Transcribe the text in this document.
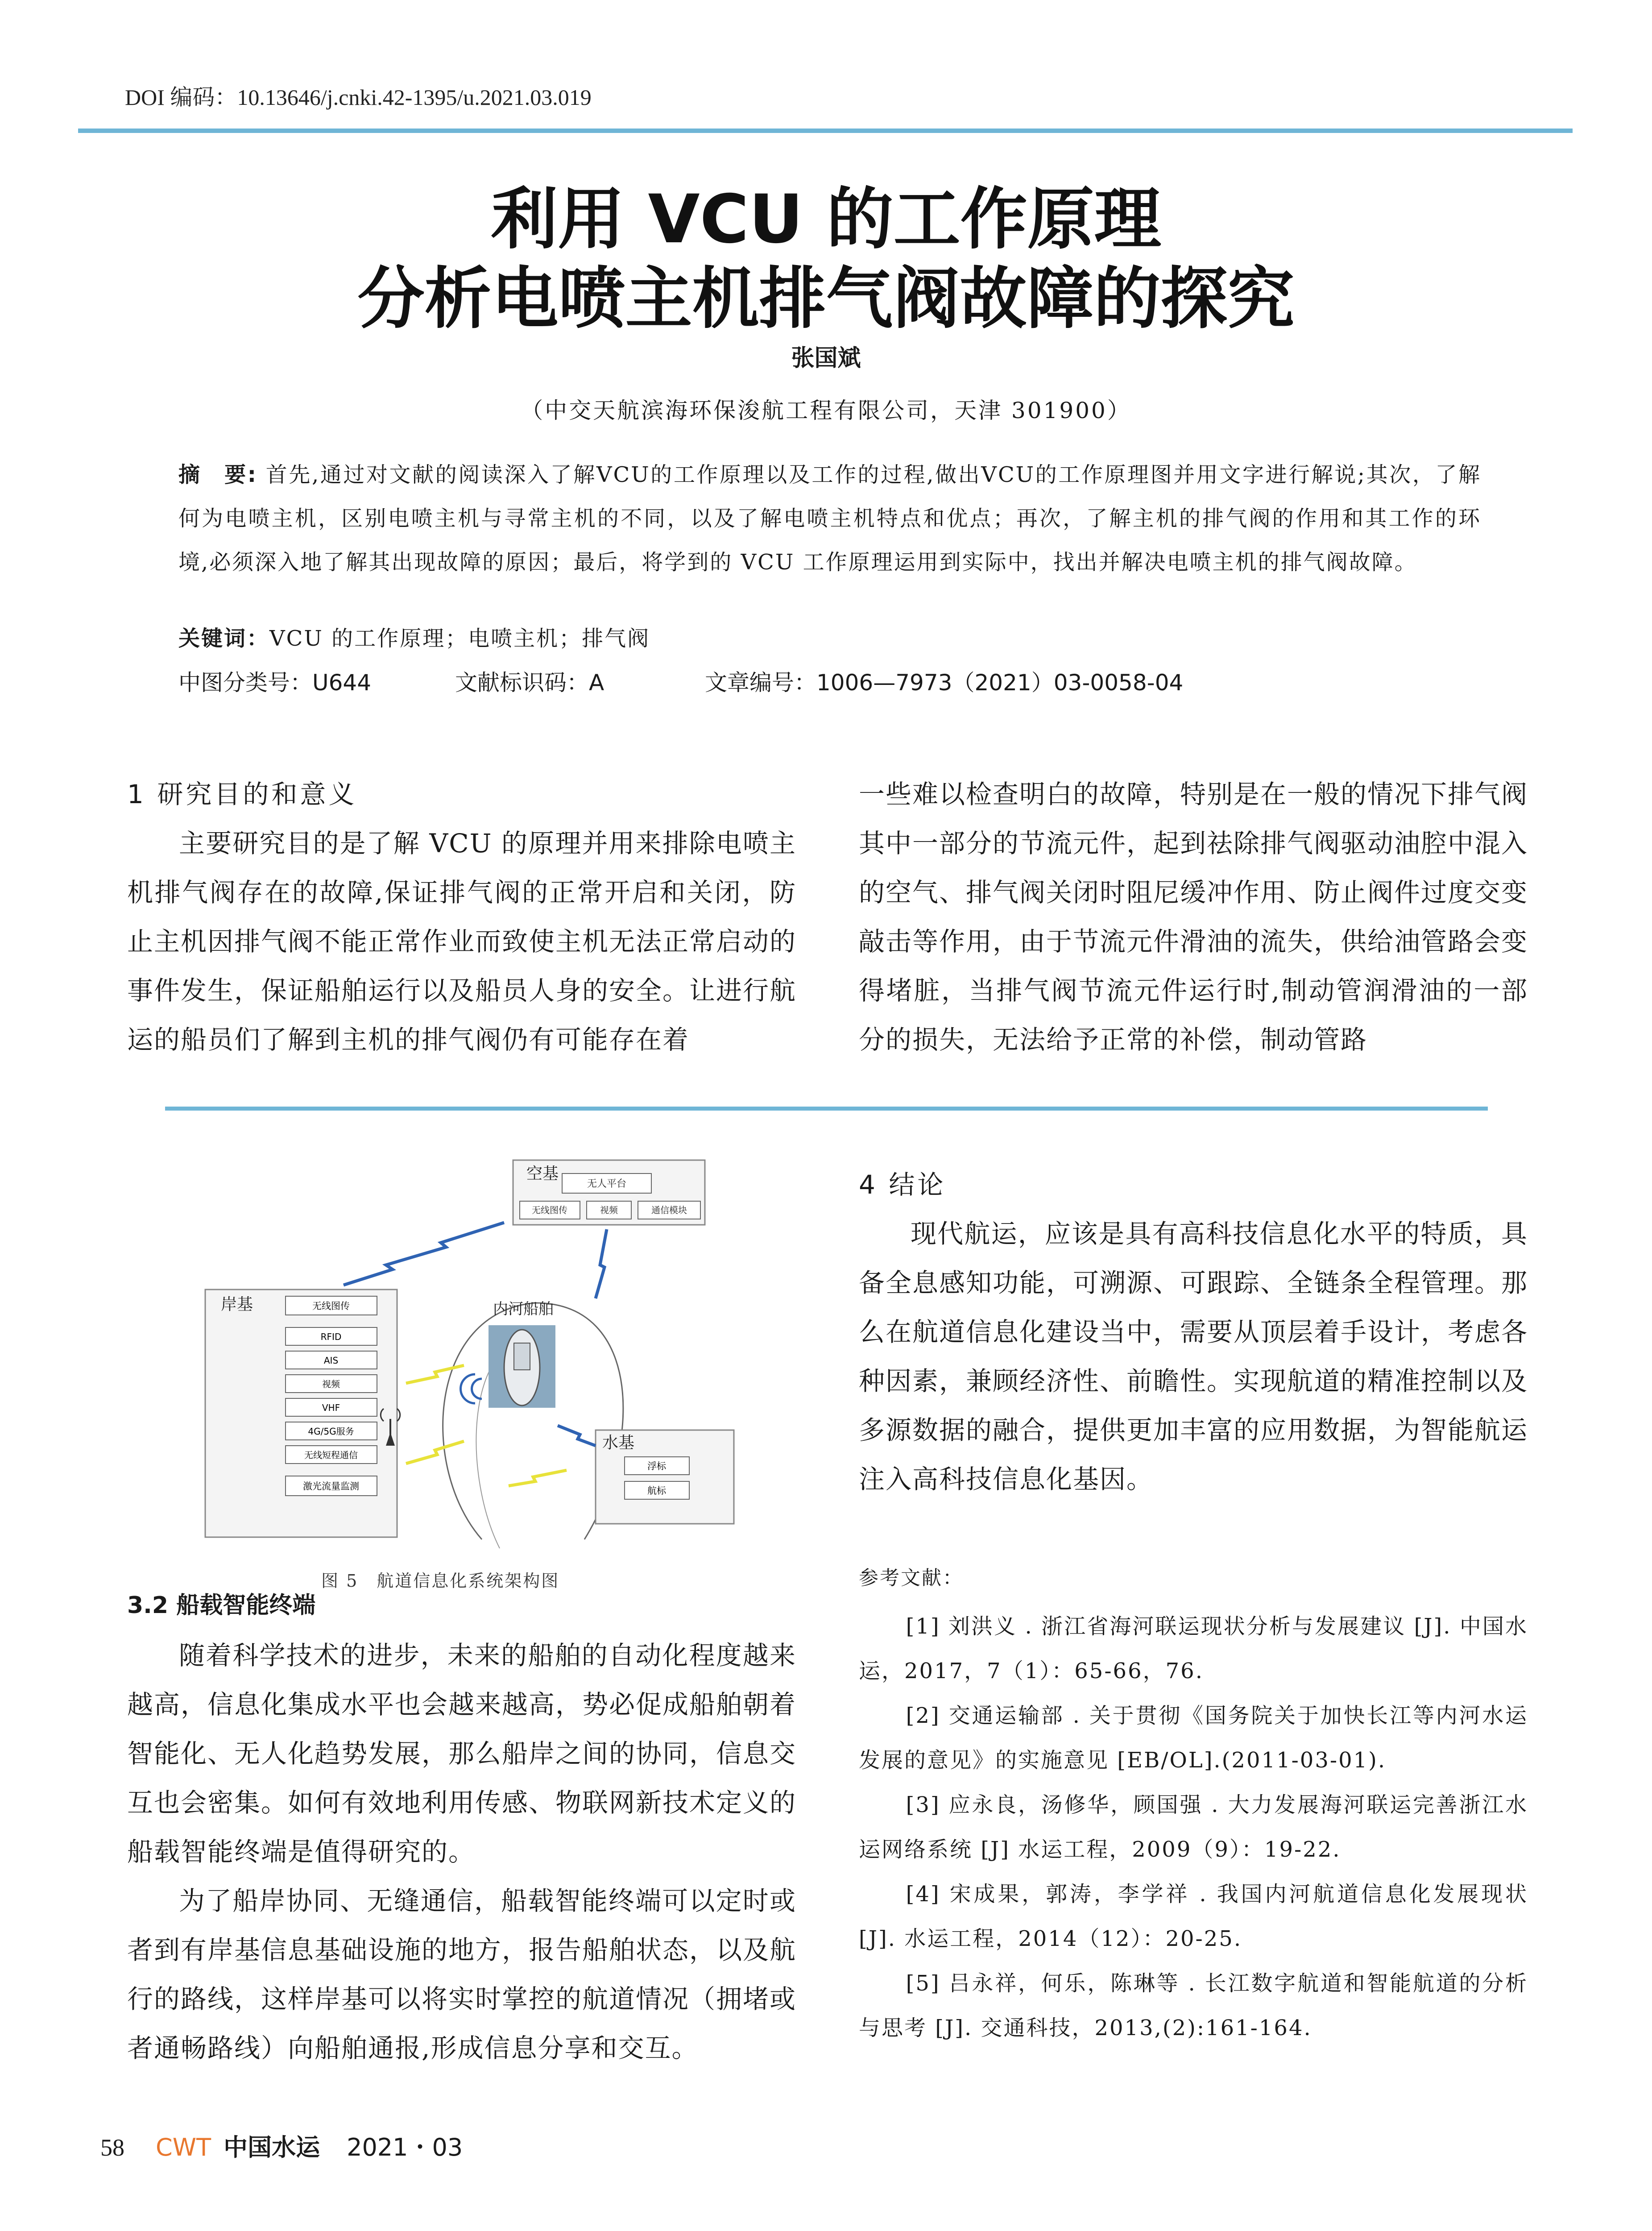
DOI 编码：10.13646/j.cnki.42-1395/u.2021.03.019
利用 VCU 的工作原理
分析电喷主机排气阀故障的探究
张国斌
（中交天航滨海环保浚航工程有限公司，天津 301900）
摘　要: 首先,通过对文献的阅读深入了解VCU的工作原理以及工作的过程,做出VCU的工作原理图并用文字进行解说;其次，了解何为电喷主机，区别电喷主机与寻常主机的不同，以及了解电喷主机特点和优点；再次，了解主机的排气阀的作用和其工作的环境,必须深入地了解其出现故障的原因；最后，将学到的 VCU 工作原理运用到实际中，找出并解决电喷主机的排气阀故障。
关键词：VCU 的工作原理；电喷主机；排气阀
中图分类号：U644	文献标识码：A	文章编号：1006—7973（2021）03-0058-04
1 研究目的和意义

主要研究目的是了解 VCU 的原理并用来排除电喷主机排气阀存在的故障,保证排气阀的正常开启和关闭，防止主机因排气阀不能正常作业而致使主机无法正常启动的事件发生，保证船舶运行以及船员人身的安全。让进行航运的船员们了解到主机的排气阀仍有可能存在着

一些难以检查明白的故障，特别是在一般的情况下排气阀其中一部分的节流元件，起到祛除排气阀驱动油腔中混入的空气、排气阀关闭时阻尼缓冲作用、防止阀件过度交变敲击等作用，由于节流元件滑油的流失，供给油管路会变得堵脏，当排气阀节流元件运行时,制动管润滑油的一部分的损失，无法给予正常的补偿，制动管路

空基
无人平台
无线图传	视频	通信模块
岸基	无线图传
RFID
AIS
视频
VHF
4G/5G服务
无线短程通信
激光流量监测
内河船舶
水基
浮标
航标
图 5　航道信息化系统架构图
3.2 船载智能终端

随着科学技术的进步，未来的船舶的自动化程度越来越高，信息化集成水平也会越来越高，势必促成船舶朝着智能化、无人化趋势发展，那么船岸之间的协同，信息交互也会密集。如何有效地利用传感、物联网新技术定义的船载智能终端是值得研究的。

为了船岸协同、无缝通信，船载智能终端可以定时或者到有岸基信息基础设施的地方，报告船舶状态，以及航行的路线，这样岸基可以将实时掌控的航道情况（拥堵或者通畅路线）向船舶通报,形成信息分享和交互。

4 结论

现代航运，应该是具有高科技信息化水平的特质，具备全息感知功能，可溯源、可跟踪、全链条全程管理。那么在航道信息化建设当中，需要从顶层着手设计，考虑各种因素，兼顾经济性、前瞻性。实现航道的精准控制以及多源数据的融合，提供更加丰富的应用数据，为智能航运注入高科技信息化基因。

参考文献：

[1] 刘洪义 . 浙江省海河联运现状分析与发展建议 [J]. 中国水运，2017，7（1）：65-66，76.

[2] 交通运输部 . 关于贯彻《国务院关于加快长江等内河水运发展的意见》的实施意见 [EB/OL].(2011-03-01).

[3] 应永良，汤修华，顾国强 . 大力发展海河联运完善浙江水运网络系统 [J] 水运工程，2009（9）：19-22.

[4] 宋成果，郭涛，李学祥 . 我国内河航道信息化发展现状 [J]. 水运工程，2014（12）：20-25.

[5] 吕永祥，何乐，陈琳等 . 长江数字航道和智能航道的分析与思考 [J]. 交通科技，2013,(2):161-164.

58 CWT 中国水运 2021・03
